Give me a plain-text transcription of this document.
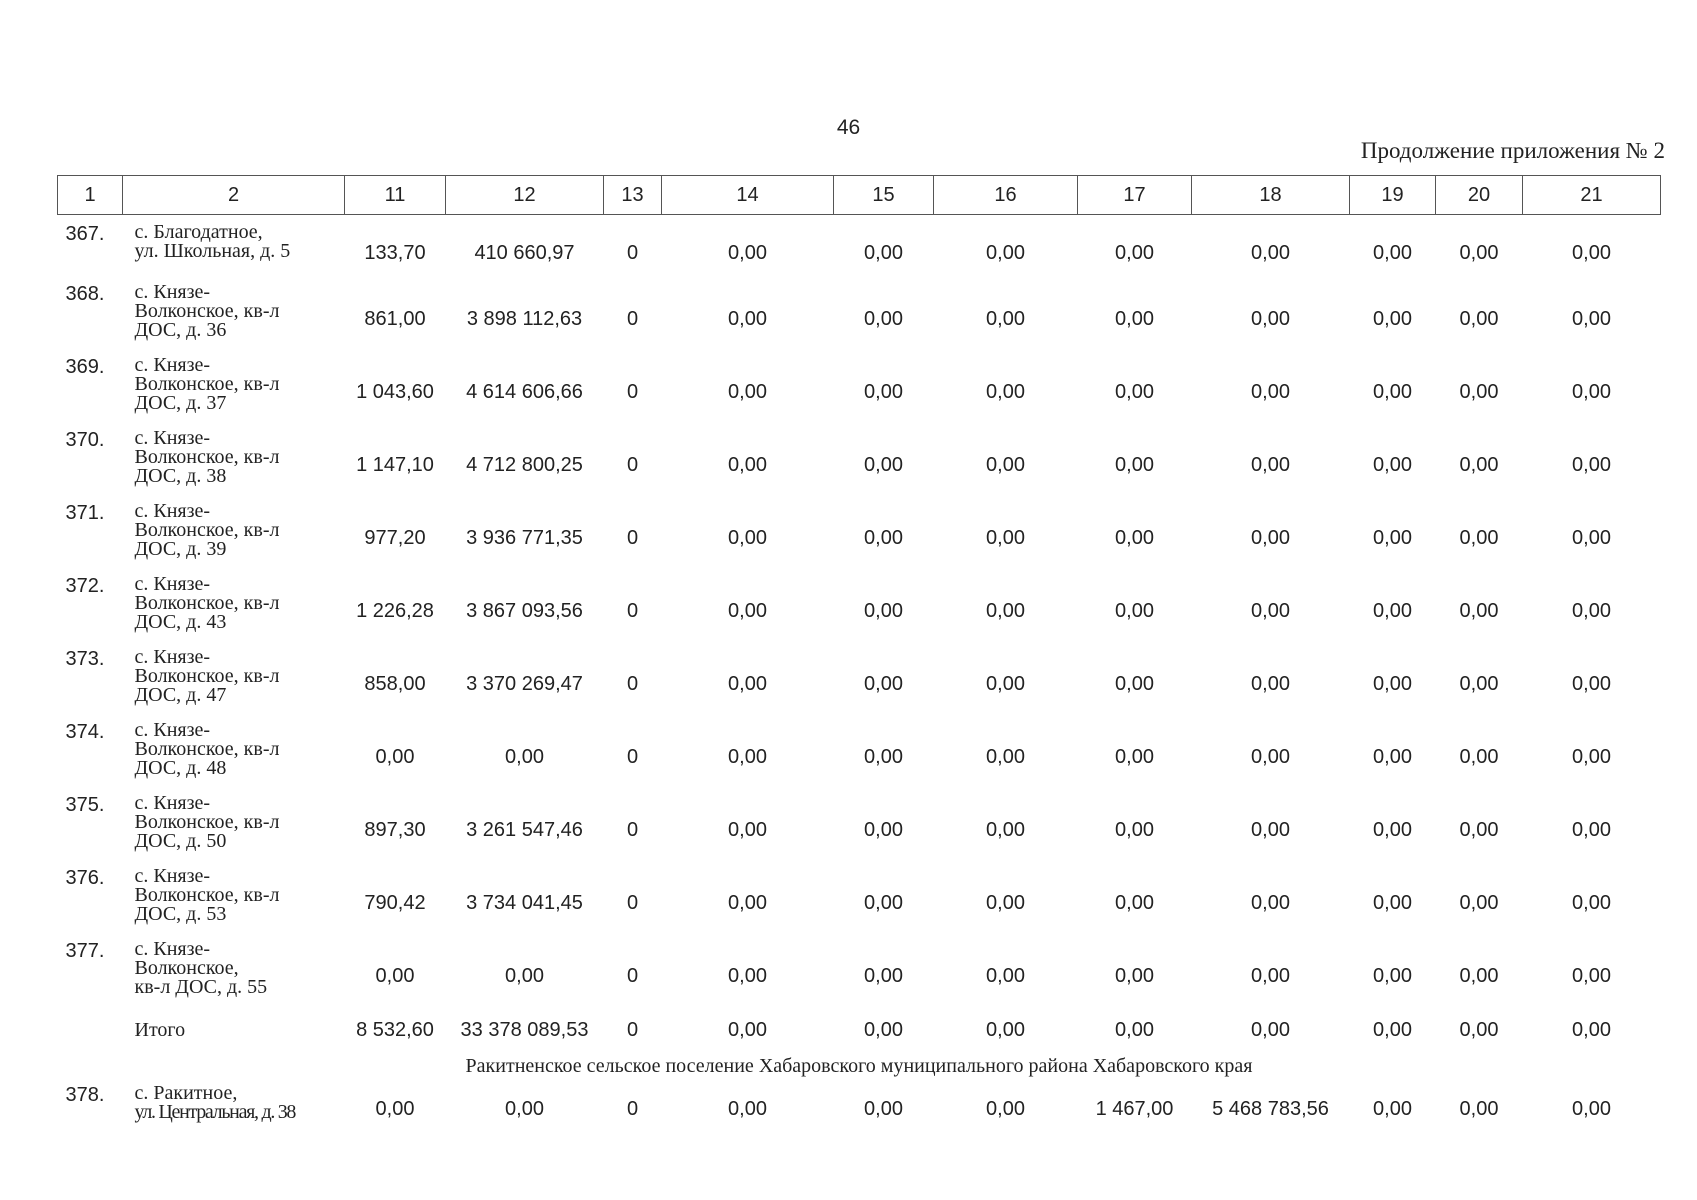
46
Продолжение приложения № 2
1	2	11	12	13	14	15	16	17	18	19	20	21
367.	с. Благодатное,
ул. Школьная, д. 5	133,70	410 660,97	0	0,00	0,00	0,00	0,00	0,00	0,00	0,00	0,00
368.	с. Князе-
Волконское, кв-л
ДОС, д. 36	861,00	3 898 112,63	0	0,00	0,00	0,00	0,00	0,00	0,00	0,00	0,00
369.	с. Князе-
Волконское, кв-л
ДОС, д. 37	1 043,60	4 614 606,66	0	0,00	0,00	0,00	0,00	0,00	0,00	0,00	0,00
370.	с. Князе-
Волконское, кв-л
ДОС, д. 38	1 147,10	4 712 800,25	0	0,00	0,00	0,00	0,00	0,00	0,00	0,00	0,00
371.	с. Князе-
Волконское, кв-л
ДОС, д. 39	977,20	3 936 771,35	0	0,00	0,00	0,00	0,00	0,00	0,00	0,00	0,00
372.	с. Князе-
Волконское, кв-л
ДОС, д. 43	1 226,28	3 867 093,56	0	0,00	0,00	0,00	0,00	0,00	0,00	0,00	0,00
373.	с. Князе-
Волконское, кв-л
ДОС, д. 47	858,00	3 370 269,47	0	0,00	0,00	0,00	0,00	0,00	0,00	0,00	0,00
374.	с. Князе-
Волконское, кв-л
ДОС, д. 48	0,00	0,00	0	0,00	0,00	0,00	0,00	0,00	0,00	0,00	0,00
375.	с. Князе-
Волконское, кв-л
ДОС, д. 50	897,30	3 261 547,46	0	0,00	0,00	0,00	0,00	0,00	0,00	0,00	0,00
376.	с. Князе-
Волконское, кв-л
ДОС, д. 53	790,42	3 734 041,45	0	0,00	0,00	0,00	0,00	0,00	0,00	0,00	0,00
377.	с. Князе-
Волконское,
кв-л ДОС, д. 55	0,00	0,00	0	0,00	0,00	0,00	0,00	0,00	0,00	0,00	0,00
	Итого	8 532,60	33 378 089,53	0	0,00	0,00	0,00	0,00	0,00	0,00	0,00	0,00
Ракитненское сельское поселение Хабаровского муниципального района Хабаровского края												
378.	с. Ракитное,
ул. Центральная, д. 38	0,00	0,00	0	0,00	0,00	0,00	1 467,00	5 468 783,56	0,00	0,00	0,00
